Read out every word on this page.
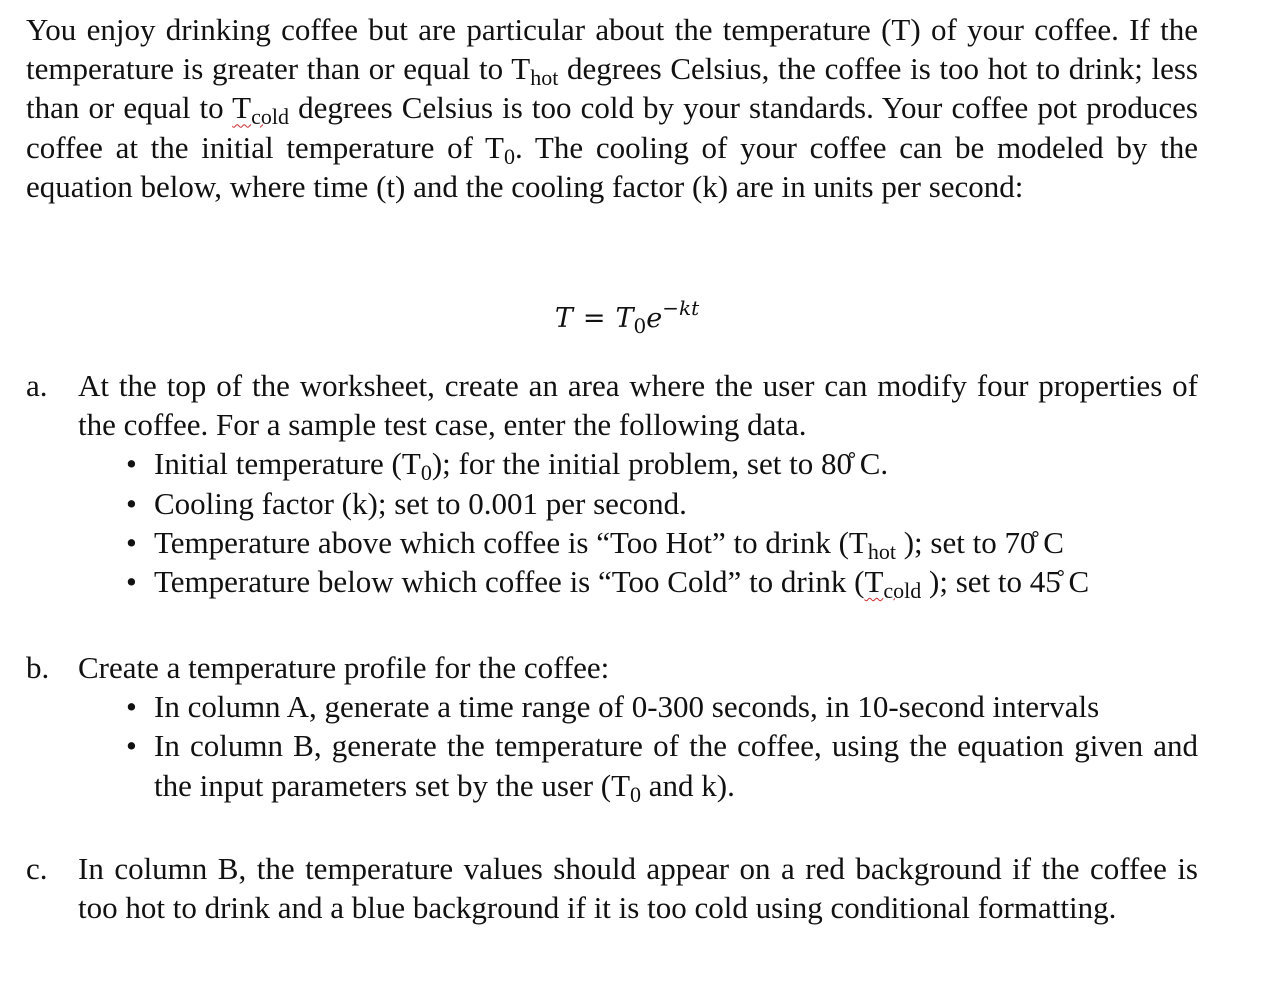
You enjoy drinking coffee but are particular about the temperature (T) of your coffee. If the temperature is greater than or equal to $T_{hot}$ degrees Celsius, the coffee is too hot to drink; less than or equal to $T_{cold}$ degrees Celsius is too cold by your standards. Your coffee pot produces coffee at the initial temperature of $T_0$. The cooling of your coffee can be modeled by the equation below, where time (t) and the cooling factor (k) are in units per second:

$T = T_0e^{-kt}$
a. At the top of the worksheet, create an area where the user can modify four properties of the coffee. For a sample test case, enter the following data.

• Initial temperature $(T_0)$; for the initial problem, set to 80̊ C.
• Cooling factor (k); set to 0.001 per second.
• Temperature above which coffee is “Too Hot” to drink ($T_{hot}$ ); set to 70̊ C
• Temperature below which coffee is “Too Cold” to drink ($T_{cold}$ ); set to 45̊ C
b. Create a temperature profile for the coffee:

• In column A, generate a time range of 0-300 seconds, in 10-second intervals
• In column B, generate the temperature of the coffee, using the equation given and the input parameters set by the user ($T_0$ and k).
c. In column B, the temperature values should appear on a red background if the coffee is too hot to drink and a blue background if it is too cold using conditional formatting.
